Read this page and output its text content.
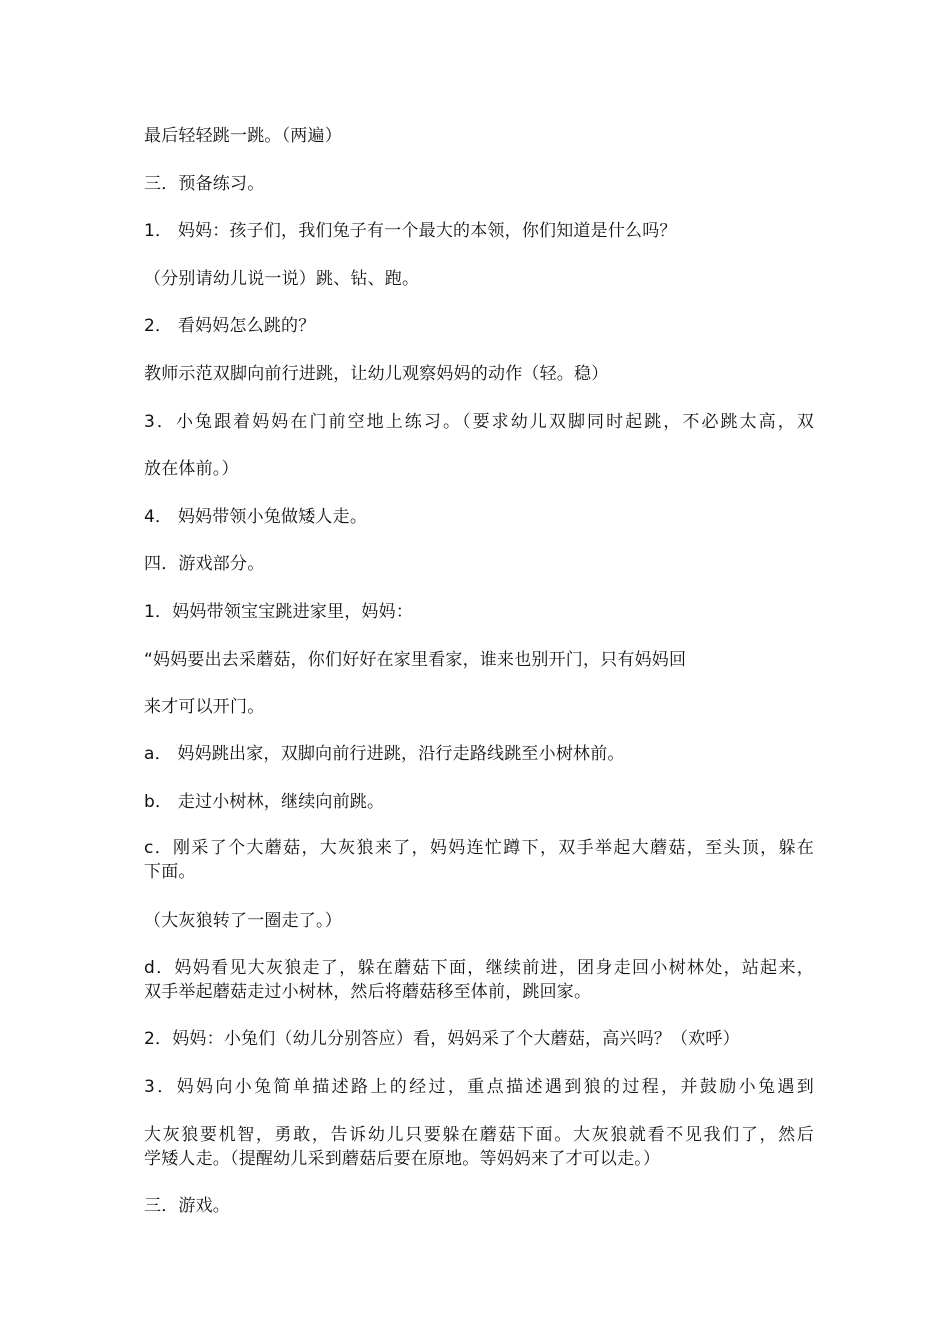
最后轻轻跳一跳。（两遍）
三．预备练习。
1． 妈妈：孩子们，我们兔子有一个最大的本领，你们知道是什么吗？
（分别请幼儿说一说）跳、钻、跑。
2． 看妈妈怎么跳的？
教师示范双脚向前行进跳，让幼儿观察妈妈的动作（轻。稳）
3．小兔跟着妈妈在门前空地上练习。（要求幼儿双脚同时起跳，不必跳太高，双
放在体前。）
4． 妈妈带领小兔做矮人走。
四．游戏部分。
1．妈妈带领宝宝跳进家里，妈妈：
“妈妈要出去采蘑菇，你们好好在家里看家，谁来也别开门，只有妈妈回
来才可以开门。
a． 妈妈跳出家，双脚向前行进跳，沿行走路线跳至小树林前。
b． 走过小树林，继续向前跳。
c．刚采了个大蘑菇，大灰狼来了，妈妈连忙蹲下，双手举起大蘑菇，至头顶，躲在
下面。
（大灰狼转了一圈走了。）
d．妈妈看见大灰狼走了，躲在蘑菇下面，继续前进，团身走回小树林处，站起来，
双手举起蘑菇走过小树林，然后将蘑菇移至体前，跳回家。
2．妈妈：小兔们（幼儿分别答应）看，妈妈采了个大蘑菇，高兴吗？（欢呼）
3．妈妈向小兔简单描述路上的经过，重点描述遇到狼的过程，并鼓励小兔遇到
大灰狼要机智，勇敢，告诉幼儿只要躲在蘑菇下面。大灰狼就看不见我们了，然后
学矮人走。（提醒幼儿采到蘑菇后要在原地。等妈妈来了才可以走。）
三．游戏。
